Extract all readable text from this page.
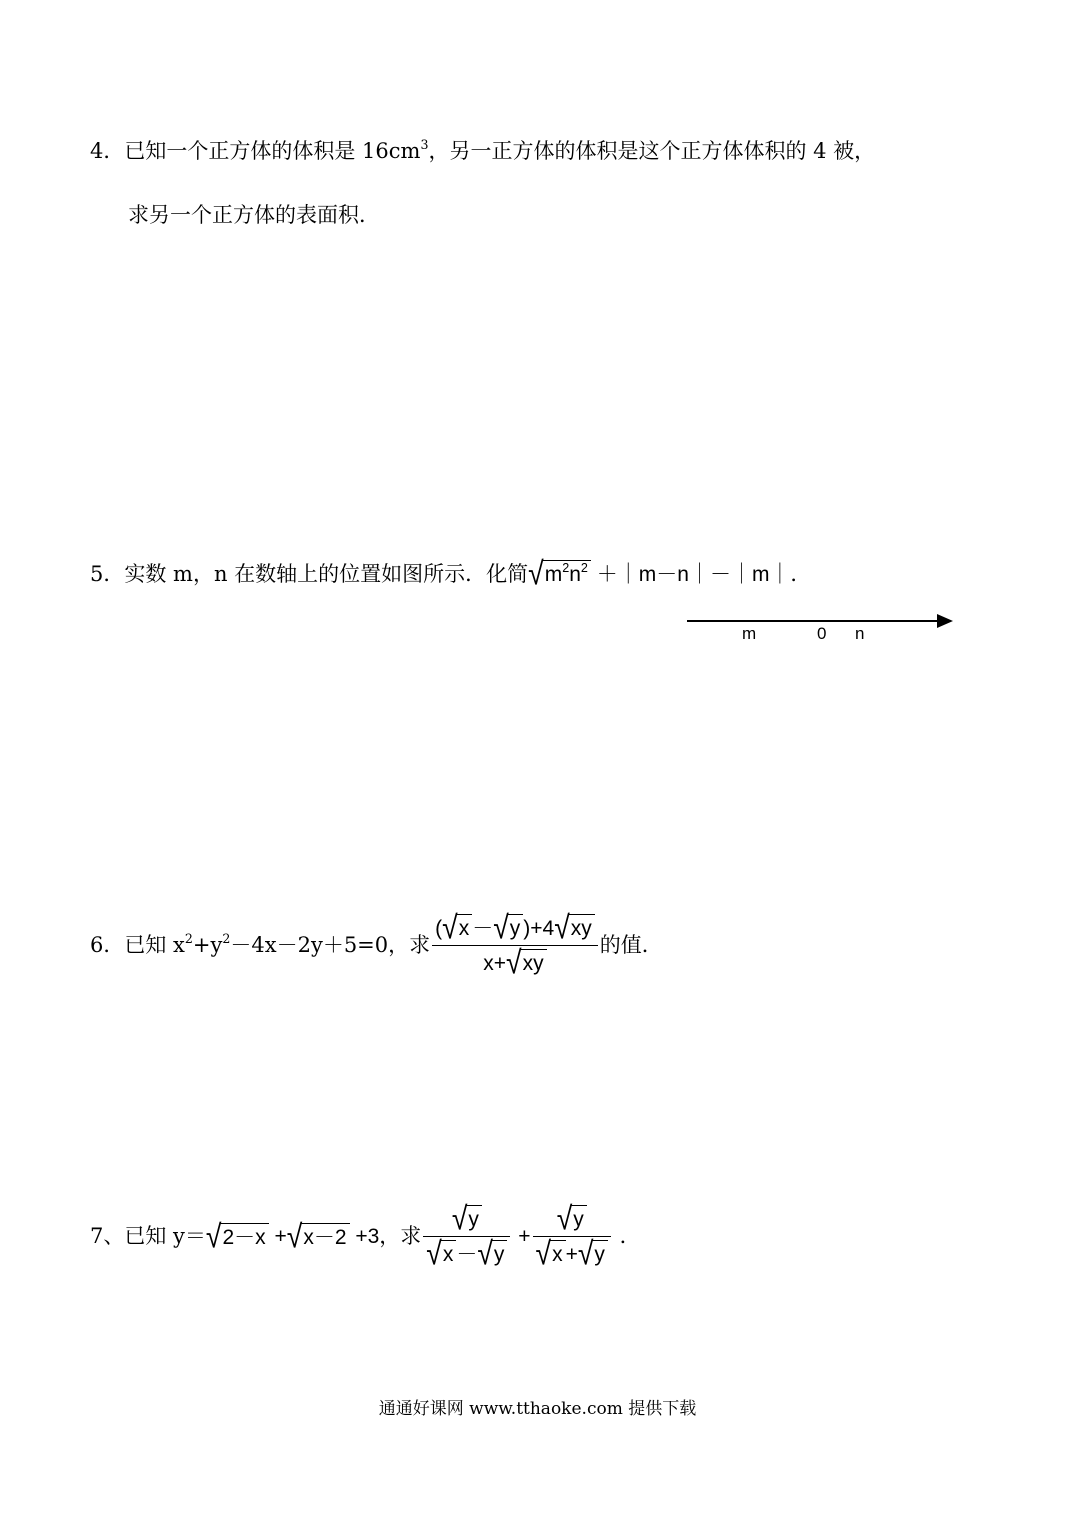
4．已知一个正方体的体积是 $16cm^3$，另一正方体的体积是这个正方体体积的 4 被，
求另一个正方体的表面积．
5．实数 m，n 在数轴上的位置如图所示．化简 √ $m^2n^2$ ＋｜m－n｜－｜m｜．
m	0 n
6．已知 $x^2+y^2-4x-2y+5=0$，求 $\frac{( √ x - √ y )+4 √ xy}{x+ √ xy}$ 的值．
7、已知 y＝ √ 2－x + √ x－2 +3，求 $\frac{√ y}{√ x - √ y} + \frac{√ y}{√ x + √ y}$ ．
通通好课网 www.tthaoke.com 提供下载
